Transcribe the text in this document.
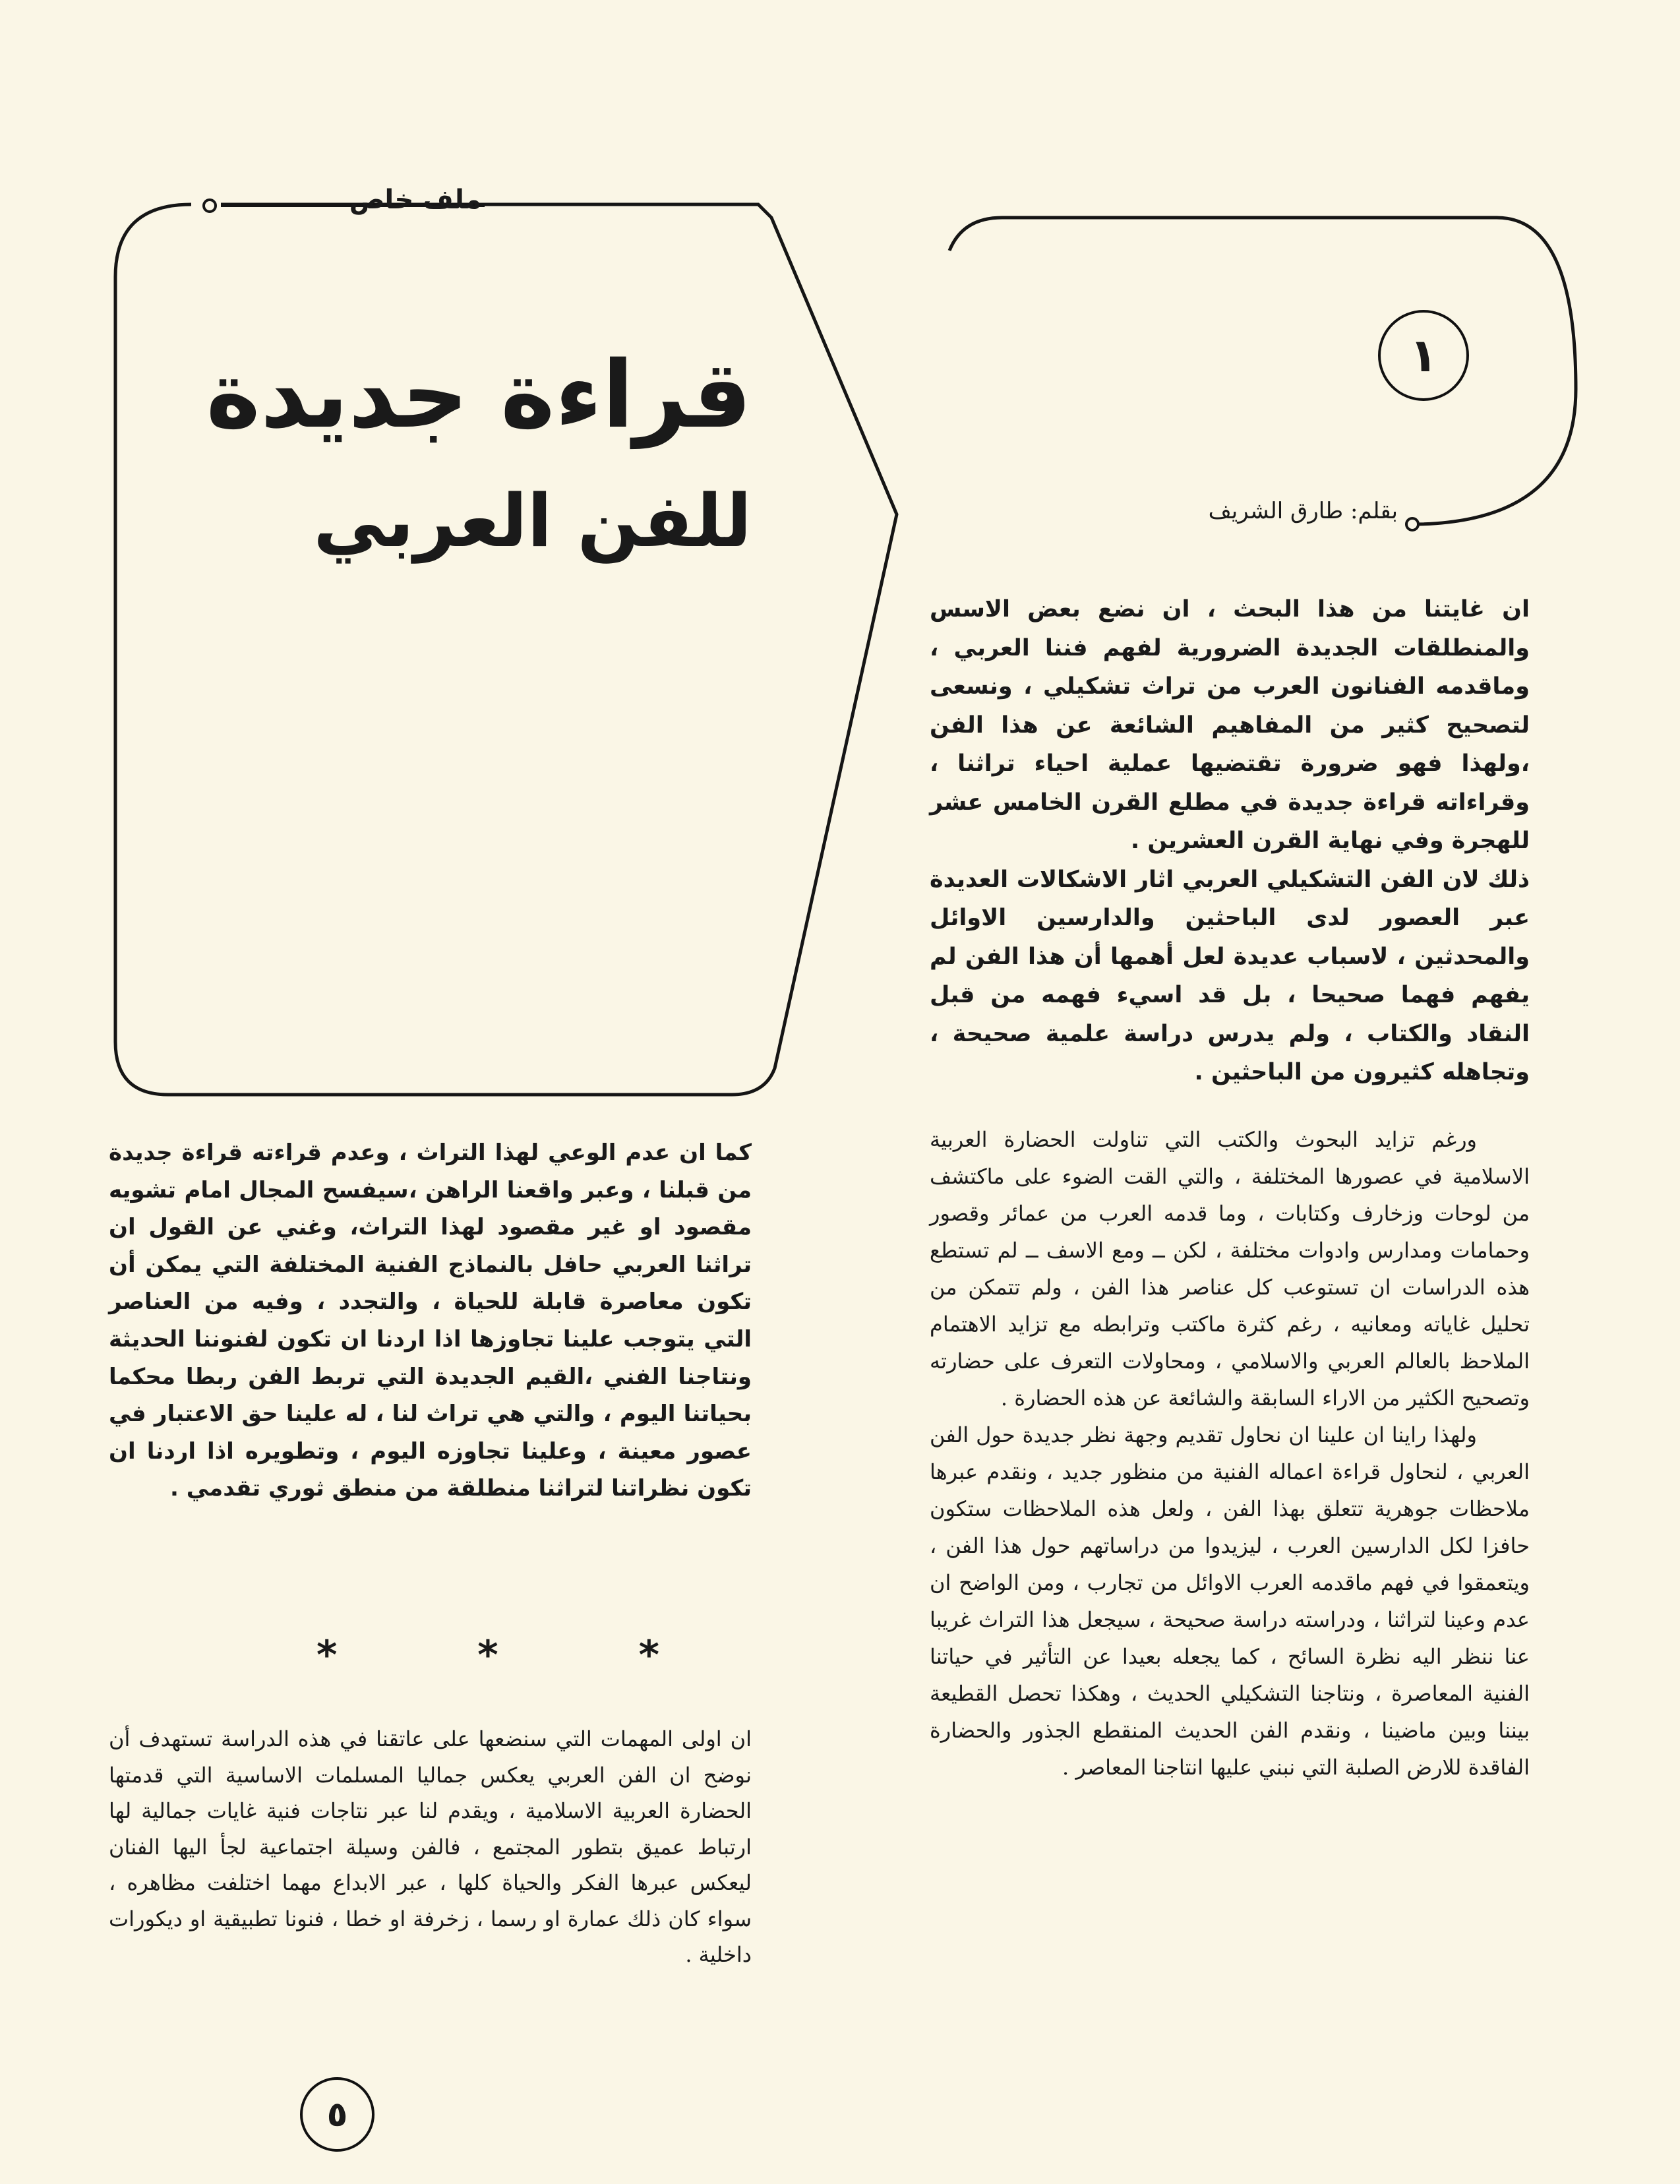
ملف خاص
١
بقلم: طارق الشريف
قراءة جديدة
للفن العربي

ان غايتنا من هذا البحث ، ان نضع بعض الاسس والمنطلقات الجديدة الضرورية لفهم فننا العربي ، وماقدمه الفنانون العرب من تراث تشكيلي ، ونسعى لتصحيح كثير من المفاهيم الشائعة عن هذا الفن ،ولهذا فهو ضرورة تقتضيها عملية احياء تراثنا ، وقراءاته قراءة جديدة في مطلع القرن الخامس عشر للهجرة وفي نهاية القرن العشرين .

ذلك لان الفن التشكيلي العربي اثار الاشكالات العديدة عبر العصور لدى الباحثين والدارسين الاوائل والمحدثين ، لاسباب عديدة لعل أهمها أن هذا الفن لم يفهم فهما صحيحا ، بل قد اسيء فهمه من قبل النقاد والكتاب ، ولم يدرس دراسة علمية صحيحة ، وتجاهله كثيرون من الباحثين .

ورغم تزايد البحوث والكتب التي تناولت الحضارة العربية الاسلامية في عصورها المختلفة ، والتي القت الضوء على ماكتشف من لوحات وزخارف وكتابات ، وما قدمه العرب من عمائر وقصور وحمامات ومدارس وادوات مختلفة ، لكن ــ ومع الاسف ــ لم تستطع هذه الدراسات ان تستوعب كل عناصر هذا الفن ، ولم تتمكن من تحليل غاياته ومعانيه ، رغم كثرة ماكتب وترابطه مع تزايد الاهتمام الملاحظ بالعالم العربي والاسلامي ، ومحاولات التعرف على حضارته وتصحيح الكثير من الاراء السابقة والشائعة عن هذه الحضارة .

ولهذا راينا ان علينا ان نحاول تقديم وجهة نظر جديدة حول الفن العربي ، لنحاول قراءة اعماله الفنية من منظور جديد ، ونقدم عبرها ملاحظات جوهرية تتعلق بهذا الفن ، ولعل هذه الملاحظات ستكون حافزا لكل الدارسين العرب ، ليزيدوا من دراساتهم حول هذا الفن ، ويتعمقوا في فهم ماقدمه العرب الاوائل من تجارب ، ومن الواضح ان عدم وعينا لتراثنا ، ودراسته دراسة صحيحة ، سيجعل هذا التراث غريبا عنا ننظر اليه نظرة السائح ، كما يجعله بعيدا عن التأثير في حياتنا الفنية المعاصرة ، ونتاجنا التشكيلي الحديث ، وهكذا تحصل القطيعة بيننا وبين ماضينا ، ونقدم الفن الحديث المنقطع الجذور والحضارة الفاقدة للارض الصلبة التي نبني عليها انتاجنا المعاصر .

كما ان عدم الوعي لهذا التراث ، وعدم قراءته قراءة جديدة من قبلنا ، وعبر واقعنا الراهن ،سيفسح المجال امام تشويه مقصود او غير مقصود لهذا التراث، وغني عن القول ان تراثنا العربي حافل بالنماذج الفنية المختلفة التي يمكن أن تكون معاصرة قابلة للحياة ، والتجدد ، وفيه من العناصر التي يتوجب علينا تجاوزها اذا اردنا ان تكون لفنوننا الحديثة ونتاجنا الفني ،القيم الجديدة التي تربط الفن ربطا محكما بحياتنا اليوم ، والتي هي تراث لنا ، له علينا حق الاعتبار في عصور معينة ، وعلينا تجاوزه اليوم ، وتطويره اذا اردنا ان تكون نظراتنا لتراثنا منطلقة من منطق ثوري تقدمي .
*	*	*
ان اولى المهمات التي سنضعها على عاتقنا في هذه الدراسة تستهدف أن نوضح ان الفن العربي يعكس جماليا المسلمات الاساسية التي قدمتها الحضارة العربية الاسلامية ، ويقدم لنا عبر نتاجات فنية غايات جمالية لها ارتباط عميق بتطور المجتمع ، فالفن وسيلة اجتماعية لجأ اليها الفنان ليعكس عبرها الفكر والحياة كلها ، عبر الابداع مهما اختلفت مظاهره ، سواء كان ذلك عمارة او رسما ، زخرفة او خطا ، فنونا تطبيقية او ديكورات داخلية .
٥
